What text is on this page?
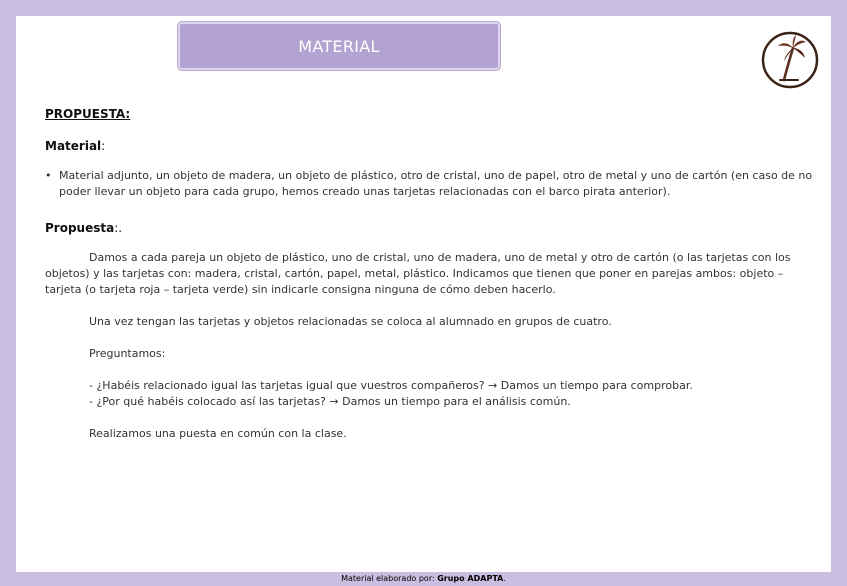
MATERIAL

PROPUESTA:

Material:

• Material adjunto, un objeto de madera, un objeto de plástico, otro de cristal, uno de papel, otro de metal y uno de cartón (en caso de no poder llevar un objeto para cada grupo, hemos creado unas tarjetas relacionadas con el barco pirata anterior).

Propuesta:.

Damos a cada pareja un objeto de plástico, uno de cristal, uno de madera, uno de metal y otro de cartón (o las tarjetas con los objetos) y las tarjetas con: madera, cristal, cartón, papel, metal, plástico. Indicamos que tienen que poner en parejas ambos: objeto – tarjeta (o tarjeta roja – tarjeta verde) sin indicarle consigna ninguna de cómo deben hacerlo.

Una vez tengan las tarjetas y objetos relacionadas se coloca al alumnado en grupos de cuatro.

Preguntamos:

- ¿Habéis relacionado igual las tarjetas igual que vuestros compañeros? → Damos un tiempo para comprobar.

- ¿Por qué habéis colocado así las tarjetas? → Damos un tiempo para el análisis común.

Realizamos una puesta en común con la clase.

Material elaborado por: Grupo ADAPTA.
